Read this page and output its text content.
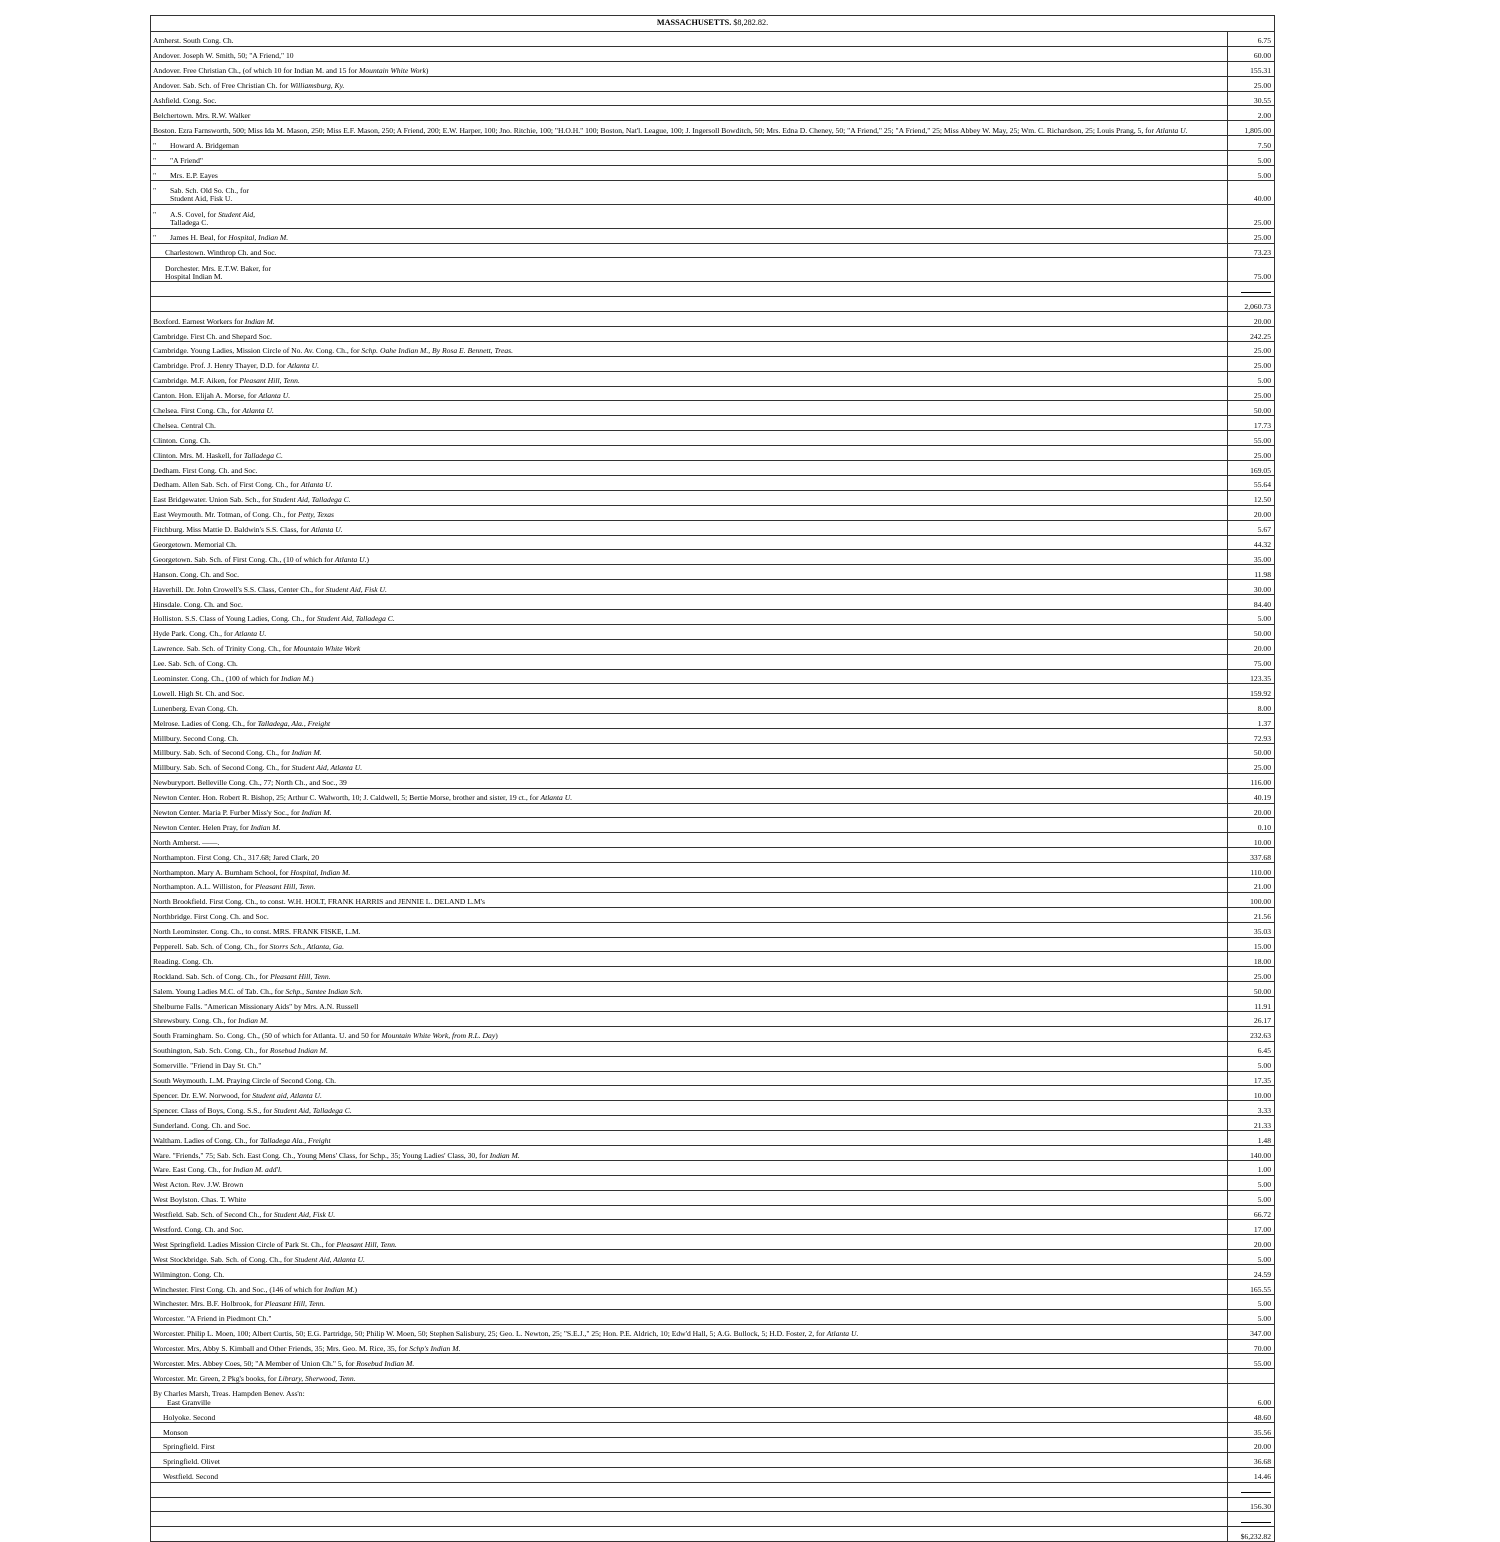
MASSACHUSETTS. $8,282.82.	
Amherst. South Cong. Ch.	6.75
Andover. Joseph W. Smith, 50; "A Friend," 10	60.00
Andover. Free Christian Ch., (of which 10 for Indian M. and 15 for Mountain White Work)	155.31
Andover. Sab. Sch. of Free Christian Ch. for Williamsburg, Ky.	25.00
Ashfield. Cong. Soc.	30.55
Belchertown. Mrs. R.W. Walker	2.00
Boston. Ezra Farnsworth, 500; Miss Ida M. Mason, 250; Miss E.F. Mason, 250; A Friend, 200; E.W. Harper, 100; Jno. Ritchie, 100; "H.O.H." 100; Boston, Nat'l. League, 100; J. Ingersoll Bowditch, 50; Mrs. Edna D. Cheney, 50; "A Friend," 25; "A Friend," 25; Miss Abbey W. May, 25; Wm. C. Richardson, 25; Louis Prang, 5, for Atlanta U.	1,805.00
" Howard A. Bridgeman	7.50
" "A Friend"	5.00
" Mrs. E.P. Eayes	5.00
" Sab. Sch. Old So. Ch., for
Student Aid, Fisk U.	40.00
" A.S. Covel, for Student Aid,
Talladega C.	25.00
" James H. Beal, for Hospital, Indian M.	25.00
Charlestown. Winthrop Ch. and Soc.	73.23
Dorchester. Mrs. E.T.W. Baker, for
Hospital Indian M.	75.00

	2,060.73
Boxford. Earnest Workers for Indian M.	20.00
Cambridge. First Ch. and Shepard Soc.	242.25
Cambridge. Young Ladies, Mission Circle of No. Av. Cong. Ch., for Schp. Oahe Indian M., By Rosa E. Bennett, Treas.	25.00
Cambridge. Prof. J. Henry Thayer, D.D. for Atlanta U.	25.00
Cambridge. M.F. Aiken, for Pleasant Hill, Tenn.	5.00
Canton. Hon. Elijah A. Morse, for Atlanta U.	25.00
Chelsea. First Cong. Ch., for Atlanta U.	50.00
Chelsea. Central Ch.	17.73
Clinton. Cong. Ch.	55.00
Clinton. Mrs. M. Haskell, for Talladega C.	25.00
Dedham. First Cong. Ch. and Soc.	169.05
Dedham. Allen Sab. Sch. of First Cong. Ch., for Atlanta U.	55.64
East Bridgewater. Union Sab. Sch., for Student Aid, Talladega C.	12.50
East Weymouth. Mr. Totman, of Cong. Ch., for Petty, Texas	20.00
Fitchburg. Miss Mattie D. Baldwin's S.S. Class, for Atlanta U.	5.67
Georgetown. Memorial Ch.	44.32
Georgetown. Sab. Sch. of First Cong. Ch., (10 of which for Atlanta U.)	35.00
Hanson. Cong. Ch. and Soc.	11.98
Haverhill. Dr. John Crowell's S.S. Class, Center Ch., for Student Aid, Fisk U.	30.00
Hinsdale. Cong. Ch. and Soc.	84.40
Holliston. S.S. Class of Young Ladies, Cong. Ch., for Student Aid, Talladega C.	5.00
Hyde Park. Cong. Ch., for Atlanta U.	50.00
Lawrence. Sab. Sch. of Trinity Cong. Ch., for Mountain White Work	20.00
Lee. Sab. Sch. of Cong. Ch.	75.00
Leominster. Cong. Ch., (100 of which for Indian M.)	123.35
Lowell. High St. Ch. and Soc.	159.92
Lunenberg. Evan Cong. Ch.	8.00
Melrose. Ladies of Cong. Ch., for Talladega, Ala., Freight	1.37
Millbury. Second Cong. Ch.	72.93
Millbury. Sab. Sch. of Second Cong. Ch., for Indian M.	50.00
Millbury. Sab. Sch. of Second Cong. Ch., for Student Aid, Atlanta U.	25.00
Newburyport. Belleville Cong. Ch., 77; North Ch., and Soc., 39	116.00
Newton Center. Hon. Robert R. Bishop, 25; Arthur C. Walworth, 10; J. Caldwell, 5; Bertie Morse, brother and sister, 19 ct., for Atlanta U.	40.19
Newton Center. Maria P. Furber Miss'y Soc., for Indian M.	20.00
Newton Center. Helen Pray, for Indian M.	0.10
North Amherst. ——.	10.00
Northampton. First Cong. Ch., 317.68; Jared Clark, 20	337.68
Northampton. Mary A. Burnham School, for Hospital, Indian M.	110.00
Northampton. A.L. Williston, for Pleasant Hill, Tenn.	21.00
North Brookfield. First Cong. Ch., to const. W.H. HOLT, FRANK HARRIS and JENNIE L. DELAND L.M's	100.00
Northbridge. First Cong. Ch. and Soc.	21.56
North Leominster. Cong. Ch., to const. MRS. FRANK FISKE, L.M.	35.03
Pepperell. Sab. Sch. of Cong. Ch., for Storrs Sch., Atlanta, Ga.	15.00
Reading. Cong. Ch.	18.00
Rockland. Sab. Sch. of Cong. Ch., for Pleasant Hill, Tenn.	25.00
Salem. Young Ladies M.C. of Tab. Ch., for Schp., Santee Indian Sch.	50.00
Shelburne Falls. "American Missionary Aids" by Mrs. A.N. Russell	11.91
Shrewsbury. Cong. Ch., for Indian M.	26.17
South Framingham. So. Cong. Ch., (50 of which for Atlanta. U. and 50 for Mountain White Work, from R.L. Day)	232.63
Southington, Sab. Sch. Cong. Ch., for Rosebud Indian M.	6.45
Somerville. "Friend in Day St. Ch."	5.00
South Weymouth. L.M. Praying Circle of Second Cong. Ch.	17.35
Spencer. Dr. E.W. Norwood, for Student aid, Atlanta U.	10.00
Spencer. Class of Boys, Cong. S.S., for Student Aid, Talladega C.	3.33
Sunderland. Cong. Ch. and Soc.	21.33
Waltham. Ladies of Cong. Ch., for Talladega Ala., Freight	1.48
Ware. "Friends," 75; Sab. Sch. East Cong. Ch., Young Mens' Class, for Schp., 35; Young Ladies' Class, 30, for Indian M.	140.00
Ware. East Cong. Ch., for Indian M. add'l.	1.00
West Acton. Rev. J.W. Brown	5.00
West Boylston. Chas. T. White	5.00
Westfield. Sab. Sch. of Second Ch., for Student Aid, Fisk U.	66.72
Westford. Cong. Ch. and Soc.	17.00
West Springfield. Ladies Mission Circle of Park St. Ch., for Pleasant Hill, Tenn.	20.00
West Stockbridge. Sab. Sch. of Cong. Ch., for Student Aid, Atlanta U.	5.00
Wilmington. Cong. Ch.	24.59
Winchester. First Cong. Ch. and Soc., (146 of which for Indian M.)	165.55
Winchester. Mrs. B.F. Holbrook, for Pleasant Hill, Tenn.	5.00
Worcester. "A Friend in Piedmont Ch."	5.00
Worcester. Philip L. Moen, 100; Albert Curtis, 50; E.G. Partridge, 50; Philip W. Moen, 50; Stephen Salisbury, 25; Geo. L. Newton, 25; "S.E.J.," 25; Hon. P.E. Aldrich, 10; Edw'd Hall, 5; A.G. Bullock, 5; H.D. Foster, 2, for Atlanta U.	347.00
Worcester. Mrs, Abby S. Kimball and Other Friends, 35; Mrs. Geo. M. Rice, 35, for Schp's Indian M.	70.00
Worcester. Mrs. Abbey Coes, 50; "A Member of Union Ch." 5, for Rosebud Indian M.	55.00
Worcester. Mr. Green, 2 Pkg's books, for Library, Sherwood, Tenn.	
By Charles Marsh, Treas. Hampden Benev. Ass'n:
East Granville	6.00
Holyoke. Second	48.60
Monson	35.56
Springfield. First	20.00
Springfield. Olivet	36.68
Westfield. Second	14.46

	156.30

	$6,232.82
